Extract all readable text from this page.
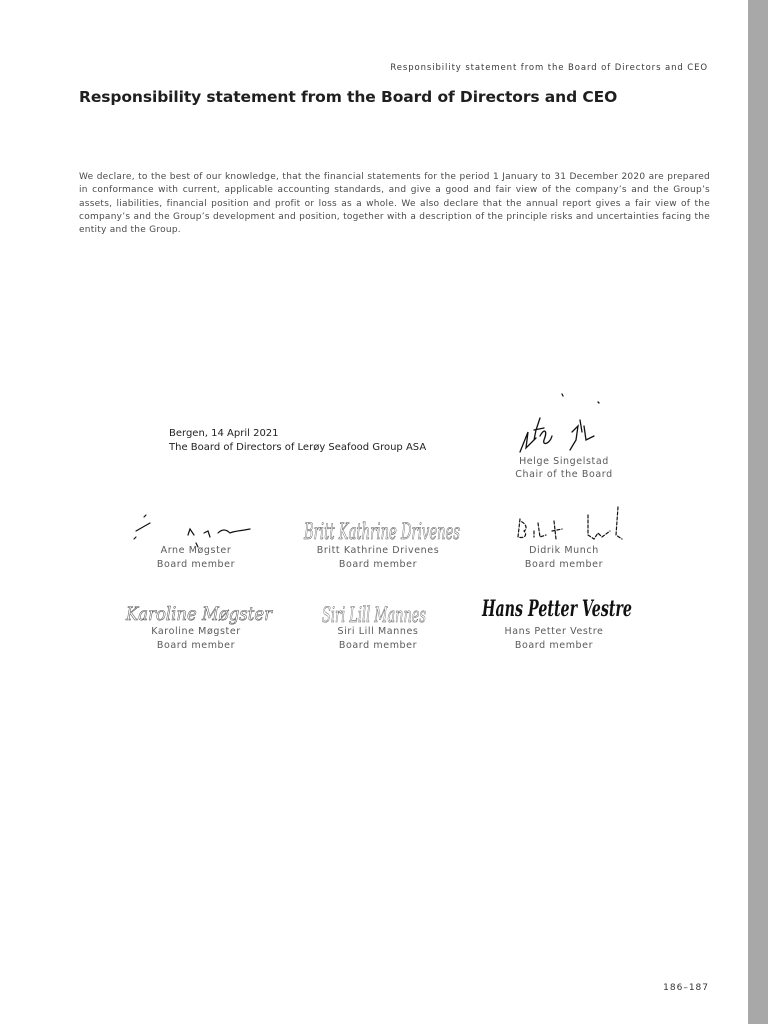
Responsibility statement from the Board of Directors and CEO
Responsibility statement from the Board of Directors and CEO

We declare, to the best of our knowledge, that the financial statements for the period 1 January to 31 December 2020 are prepared in conformance with current, applicable accounting standards, and give a good and fair view of the company’s and the Group’s assets, liabilities, financial position and profit or loss as a whole. We also declare that the annual report gives a fair view of the company’s and the Group’s development and position, together with a description of the principle risks and uncertainties facing the entity and the Group.

Bergen, 14 April 2021
The Board of Directors of Lerøy Seafood Group ASA
Helge Singelstad
Chair of the Board
Arne Møgster
Board member
Britt Kathrine Drivenes
Britt Kathrine Drivenes
Board member
Didrik Munch
Board member
Karoline Møgster
Karoline Møgster
Board member
Siri Lill Mannes
Siri Lill Mannes
Board member
Hans Petter Vestre
Hans Petter Vestre
Board member
186–187
